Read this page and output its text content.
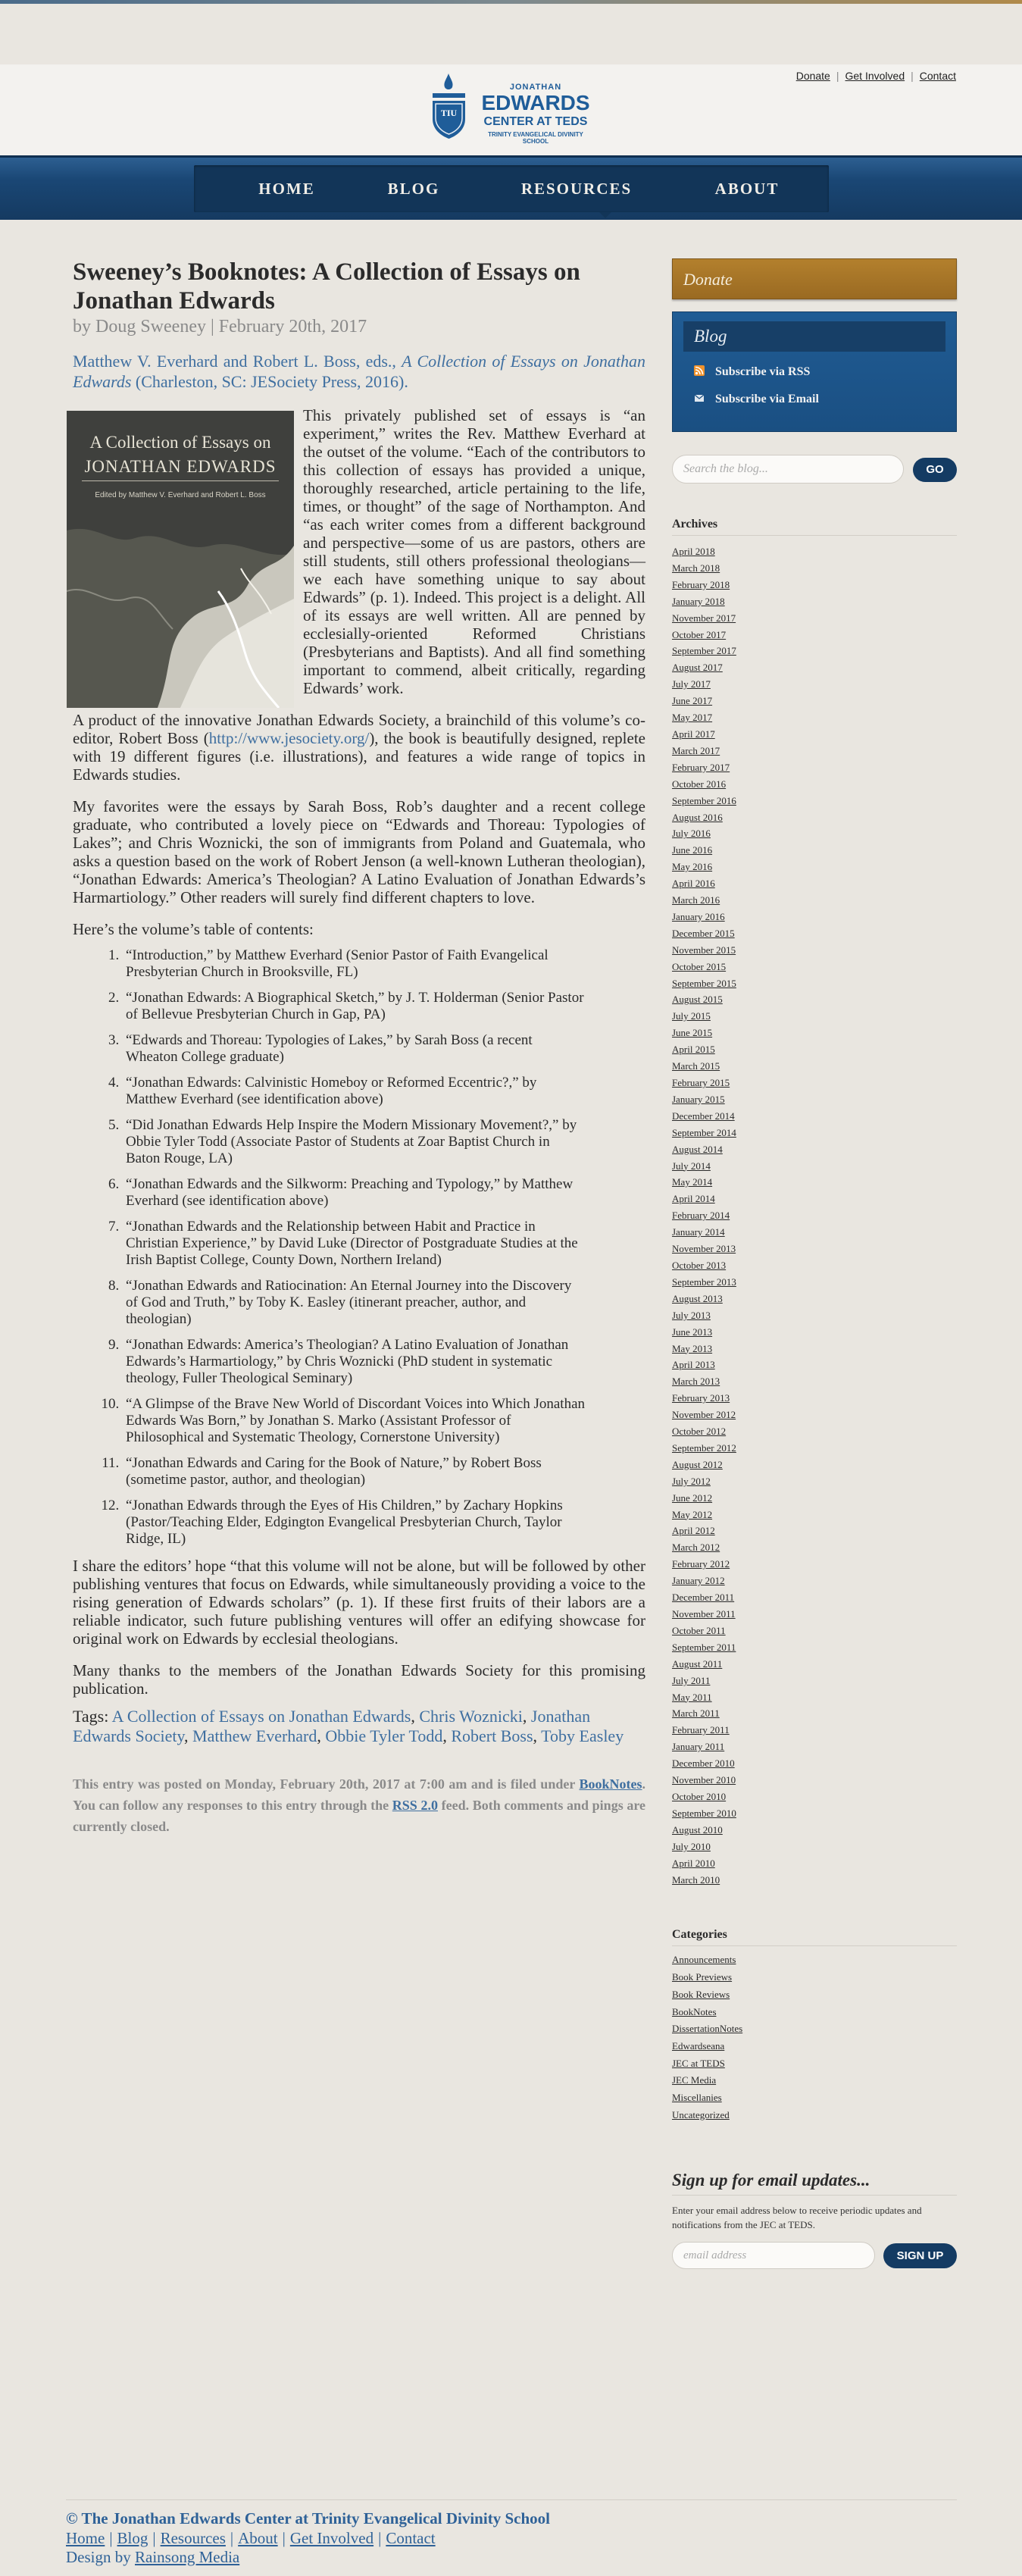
Donate | Get Involved | Contact
TIU
JONATHAN
EDWARDS
CENTER AT TEDS
TRINITY EVANGELICAL DIVINITY SCHOOL
HOME	BLOG	RESOURCES	ABOUT
Sweeney’s Booknotes: A Collection of Essays on Jonathan Edwards
by Doug Sweeney | February 20th, 2017
Matthew V. Everhard and Robert L. Boss, eds., A Collection of Essays on Jonathan Edwards (Charleston, SC: JESociety Press, 2016).
A Collection of Essays on
JONATHAN EDWARDS
Edited by Matthew V. Everhard and Robert L. Boss
This privately published set of essays is “an experiment,” writes the Rev. Matthew Everhard at the outset of the volume. “Each of the contributors to this collection of essays has provided a unique, thoroughly researched, article pertaining to the life, times, or thought” of the sage of Northampton. And “as each writer comes from a different background and perspective—some of us are pastors, others are still students, still others professional theologians—we each have something unique to say about Edwards” (p. 1). Indeed. This project is a delight. All of its essays are well written. All are penned by ecclesially-oriented Reformed Christians (Presbyterians and Baptists). And all find something important to commend, albeit critically, regarding Edwards’ work.
A product of the innovative Jonathan Edwards Society, a brainchild of this volume’s co-editor, Robert Boss (http://www.jesociety.org/), the book is beautifully designed, replete with 19 different figures (i.e. illustrations), and features a wide range of topics in Edwards studies.
My favorites were the essays by Sarah Boss, Rob’s daughter and a recent college graduate, who contributed a lovely piece on “Edwards and Thoreau: Typologies of Lakes”; and Chris Woznicki, the son of immigrants from Poland and Guatemala, who asks a question based on the work of Robert Jenson (a well-known Lutheran theologian), “Jonathan Edwards: America’s Theologian? A Latino Evaluation of Jonathan Edwards’s Harmartiology.” Other readers will surely find different chapters to love.
Here’s the volume’s table of contents:
1. “Introduction,” by Matthew Everhard (Senior Pastor of Faith Evangelical Presbyterian Church in Brooksville, FL)
2. “Jonathan Edwards: A Biographical Sketch,” by J. T. Holderman (Senior Pastor of Bellevue Presbyterian Church in Gap, PA)
3. “Edwards and Thoreau: Typologies of Lakes,” by Sarah Boss (a recent Wheaton College graduate)
4. “Jonathan Edwards: Calvinistic Homeboy or Reformed Eccentric?,” by Matthew Everhard (see identification above)
5. “Did Jonathan Edwards Help Inspire the Modern Missionary Movement?,” by Obbie Tyler Todd (Associate Pastor of Students at Zoar Baptist Church in Baton Rouge, LA)
6. “Jonathan Edwards and the Silkworm: Preaching and Typology,” by Matthew Everhard (see identification above)
7. “Jonathan Edwards and the Relationship between Habit and Practice in Christian Experience,” by David Luke (Director of Postgraduate Studies at the Irish Baptist College, County Down, Northern Ireland)
8. “Jonathan Edwards and Ratiocination: An Eternal Journey into the Discovery of God and Truth,” by Toby K. Easley (itinerant preacher, author, and theologian)
9. “Jonathan Edwards: America’s Theologian? A Latino Evaluation of Jonathan Edwards’s Harmartiology,” by Chris Woznicki (PhD student in systematic theology, Fuller Theological Seminary)
10. “A Glimpse of the Brave New World of Discordant Voices into Which Jonathan Edwards Was Born,” by Jonathan S. Marko (Assistant Professor of Philosophical and Systematic Theology, Cornerstone University)
11. “Jonathan Edwards and Caring for the Book of Nature,” by Robert Boss (sometime pastor, author, and theologian)
12. “Jonathan Edwards through the Eyes of His Children,” by Zachary Hopkins (Pastor/Teaching Elder, Edgington Evangelical Presbyterian Church, Taylor Ridge, IL)
I share the editors’ hope “that this volume will not be alone, but will be followed by other publishing ventures that focus on Edwards, while simultaneously providing a voice to the rising generation of Edwards scholars” (p. 1). If these first fruits of their labors are a reliable indicator, such future publishing ventures will offer an edifying showcase for original work on Edwards by ecclesial theologians.
Many thanks to the members of the Jonathan Edwards Society for this promising publication.
Tags: A Collection of Essays on Jonathan Edwards, Chris Woznicki, Jonathan Edwards Society, Matthew Everhard, Obbie Tyler Todd, Robert Boss, Toby Easley
This entry was posted on Monday, February 20th, 2017 at 7:00 am and is filed under BookNotes. You can follow any responses to this entry through the RSS 2.0 feed. Both comments and pings are currently closed.
Donate
Blog
Subscribe via RSS
Subscribe via Email
Search the blog...	GO
Archives
April 2018
March 2018
February 2018
January 2018
November 2017
October 2017
September 2017
August 2017
July 2017
June 2017
May 2017
April 2017
March 2017
February 2017
October 2016
September 2016
August 2016
July 2016
June 2016
May 2016
April 2016
March 2016
January 2016
December 2015
November 2015
October 2015
September 2015
August 2015
July 2015
June 2015
April 2015
March 2015
February 2015
January 2015
December 2014
September 2014
August 2014
July 2014
May 2014
April 2014
February 2014
January 2014
November 2013
October 2013
September 2013
August 2013
July 2013
June 2013
May 2013
April 2013
March 2013
February 2013
November 2012
October 2012
September 2012
August 2012
July 2012
June 2012
May 2012
April 2012
March 2012
February 2012
January 2012
December 2011
November 2011
October 2011
September 2011
August 2011
July 2011
May 2011
March 2011
February 2011
January 2011
December 2010
November 2010
October 2010
September 2010
August 2010
July 2010
April 2010
March 2010
Categories
Announcements
Book Previews
Book Reviews
BookNotes
DissertationNotes
Edwardseana
JEC at TEDS
JEC Media
Miscellanies
Uncategorized
Sign up for email updates...
Enter your email address below to receive periodic updates and notifications from the JEC at TEDS.
email address	SIGN UP
© The Jonathan Edwards Center at Trinity Evangelical Divinity School
Home | Blog | Resources | About | Get Involved | Contact
Design by Rainsong Media
